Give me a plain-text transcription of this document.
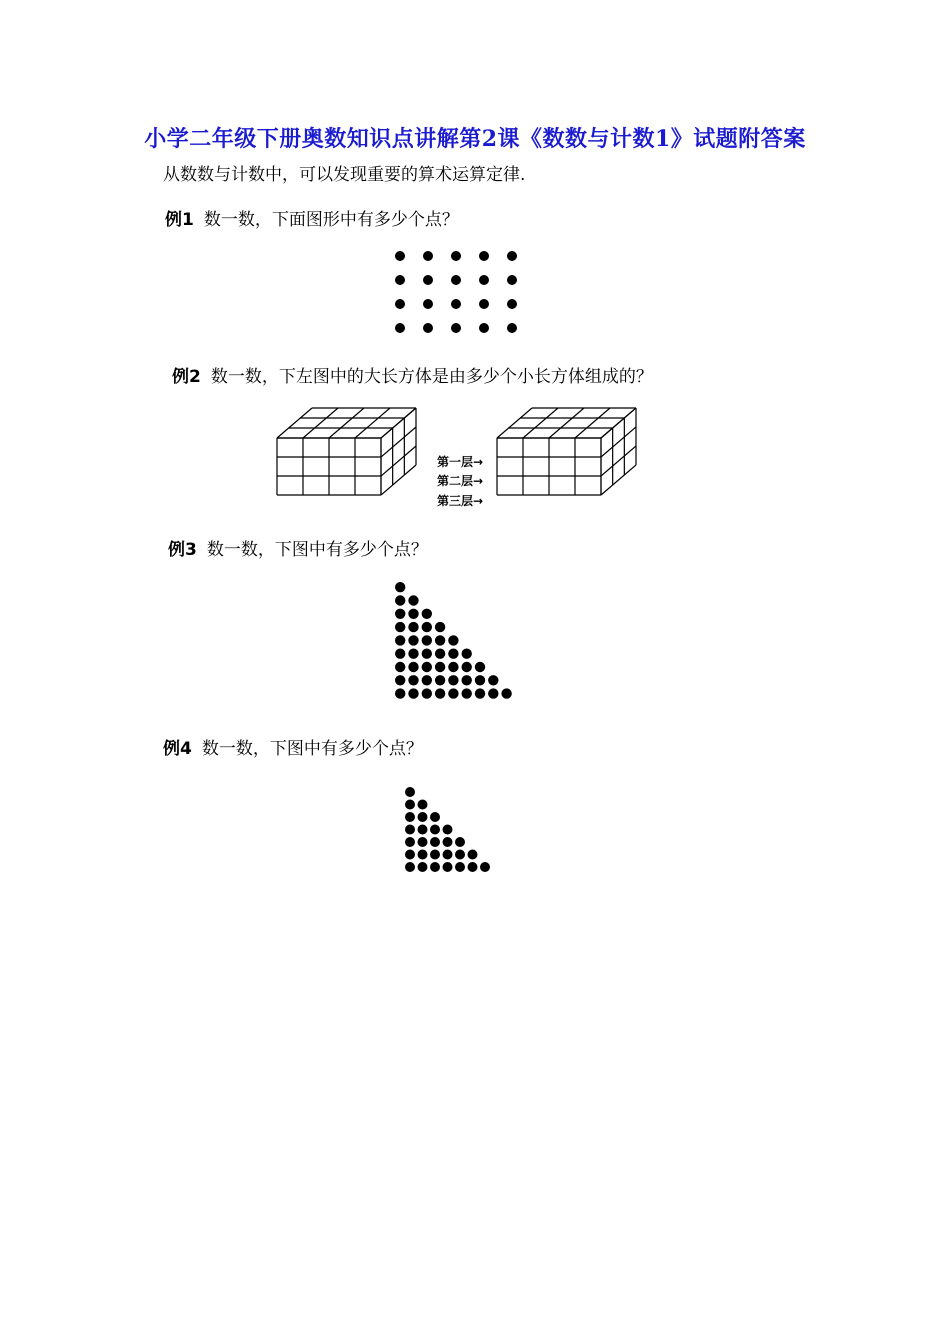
小学二年级下册奥数知识点讲解第2课《数数与计数1》试题附答案
从数数与计数中，可以发现重要的算术运算定律.
例1 数一数，下面图形中有多少个点？
例2 数一数，下左图中的大长方体是由多少个小长方体组成的？
第一层→
第二层→
第三层→
例3 数一数，下图中有多少个点？
例4 数一数，下图中有多少个点？
